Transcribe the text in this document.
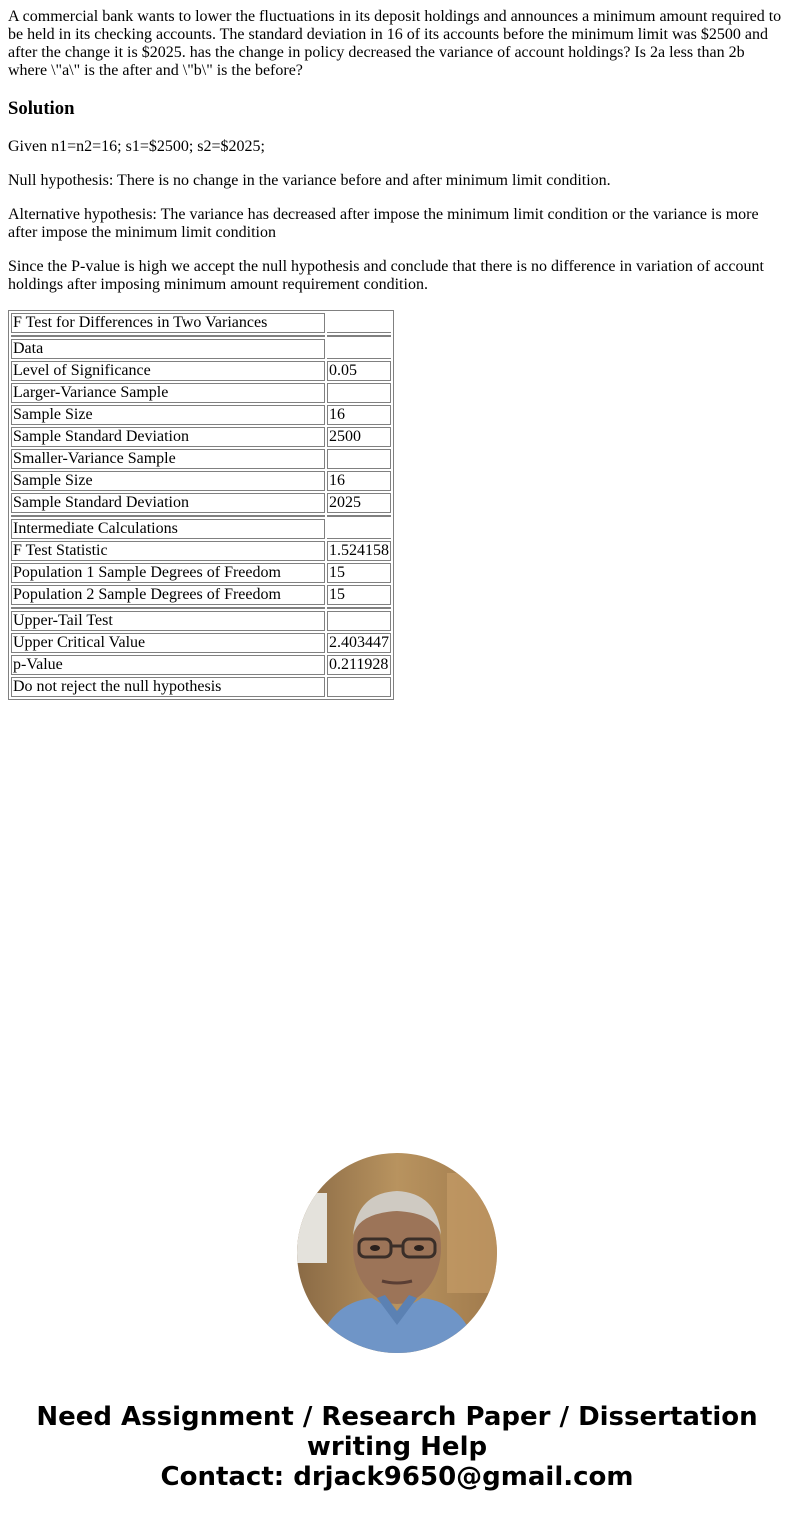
A commercial bank wants to lower the fluctuations in its deposit holdings and announces a minimum amount required to be held in its checking accounts. The standard deviation in 16 of its accounts before the minimum limit was $2500 and after the change it is $2025. has the change in policy decreased the variance of account holdings? Is 2a less than 2b where \"a\" is the after and \"b\" is the before?

Solution

Given n1=n2=16; s1=$2500; s2=$2025;

Null hypothesis: There is no change in the variance before and after minimum limit condition.

Alternative hypothesis: The variance has decreased after impose the minimum limit condition or the variance is more after impose the minimum limit condition

Since the P-value is high we accept the null hypothesis and conclude that there is no difference in variation of account holdings after imposing minimum amount requirement condition.

F Test for Differences in Two Variances	

Data	
Level of Significance	0.05
Larger-Variance Sample	
Sample Size	16
Sample Standard Deviation	2500
Smaller-Variance Sample	
Sample Size	16
Sample Standard Deviation	2025

Intermediate Calculations	
F Test Statistic	1.524158
Population 1 Sample Degrees of Freedom	15
Population 2 Sample Degrees of Freedom	15

Upper-Tail Test	
Upper Critical Value	2.403447
p-Value	0.211928
Do not reject the null hypothesis	
Need Assignment / Research Paper / Dissertation
writing Help
Contact: drjack9650@gmail.com
